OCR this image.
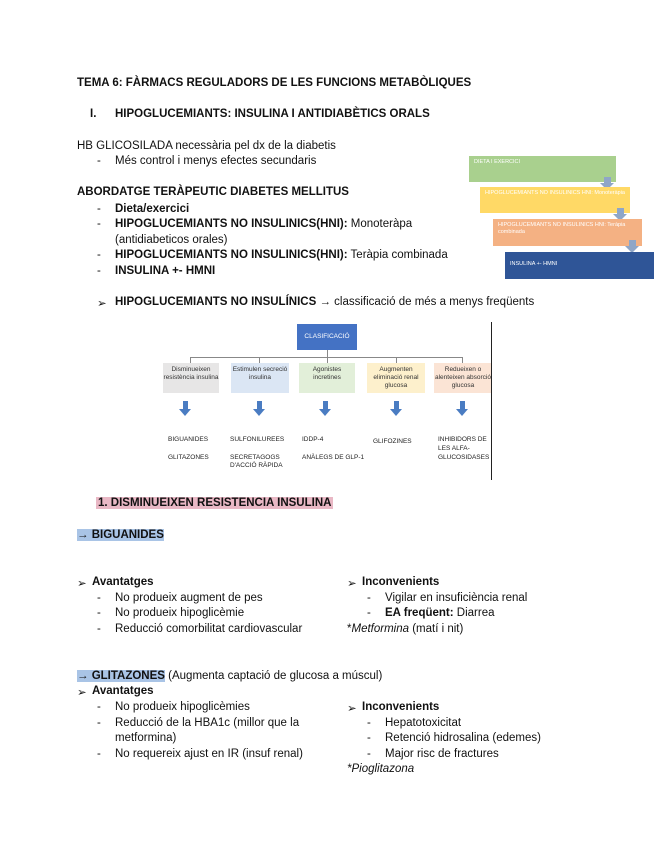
TEMA 6: FÀRMACS REGULADORS DE LES FUNCIONS METABÒLIQUES
I. HIPOGLUCEMIANTS: INSULINA I ANTIDIABÈTICS ORALS
HB GLICOSILADA necessària pel dx de la diabetis
- Més control i menys efectes secundaris
ABORDATGE TERÀPEUTIC DIABETES MELLITUS
- Dieta/exercici
- HIPOGLUCEMIANTS NO INSULINICS(HNI): Monoteràpa
(antidiabeticos orales)
- HIPOGLUCEMIANTS NO INSULINICS(HNI): Teràpia combinada
- INSULINA +- HMNI
DIETA I EXERCICI
HIPOGLUCEMIANTS NO INSULINICS HNI: Monoteràpia
HIPOGLUCEMIANTS NO INSULINICS HNI: Teràpia combinada
INSULINA +- HMNI
➢ HIPOGLUCEMIANTS NO INSULÍNICS → classificació de més a menys freqüents
CLASIFICACIÓ
Disminueixen resistència insulina
Estimulen secreció insulina
Agonistes incretines
Augmenten eliminació renal glucosa
Redueixen o alenteixen absorció glucosa
BIGUANIDES

GLITAZONES
SULFONILUREES

SECRETAGOGS D'ACCIÓ RÀPIDA
IDDP-4

ANÀLEGS DE GLP-1
GLIFOZINES	INHIBIDORS DE LES ALFA-GLUCOSIDASES
1. DISMINUEIXEN RESISTENCIA INSULINA
→ BIGUANIDES
➢ Avantatges
- No produeix augment de pes
- No produeix hipoglicèmie
- Reducció comorbilitat cardiovascular
➢ Inconvenients
- Vigilar en insuficiència renal
- EA freqüent: Diarrea
*Metformina (matí i nit)
→ GLITAZONES (Augmenta captació de glucosa a múscul)
➢ Avantatges
- No produeix hipoglicèmies
- Reducció de la HBA1c (millor que la
metformina)
- No requereix ajust en IR (insuf renal)
➢ Inconvenients
- Hepatotoxicitat
- Retenció hidrosalina (edemes)
- Major risc de fractures
*Pioglitazona
